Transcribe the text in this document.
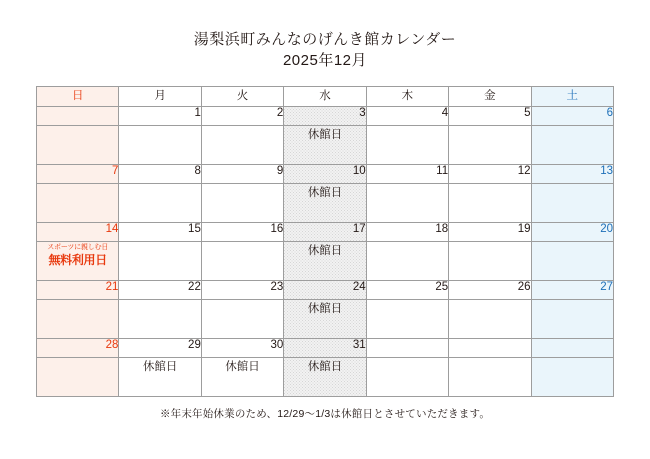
湯梨浜町みんなのげんき館カレンダー
2025年12月
日	月	火	水	木	金	土
	1	2	3	4	5	6
			休館日			
7	8	9	10	11	12	13
			休館日			
14	15	16	17	18	19	20

スポーツに親しむ日
無料利用日			休館日			
21	22	23	24	25	26	27
			休館日			
28	29	30	31			
	休館日	休館日	休館日			
※年末年始休業のため、12/29～1/3は休館日とさせていただきます。
